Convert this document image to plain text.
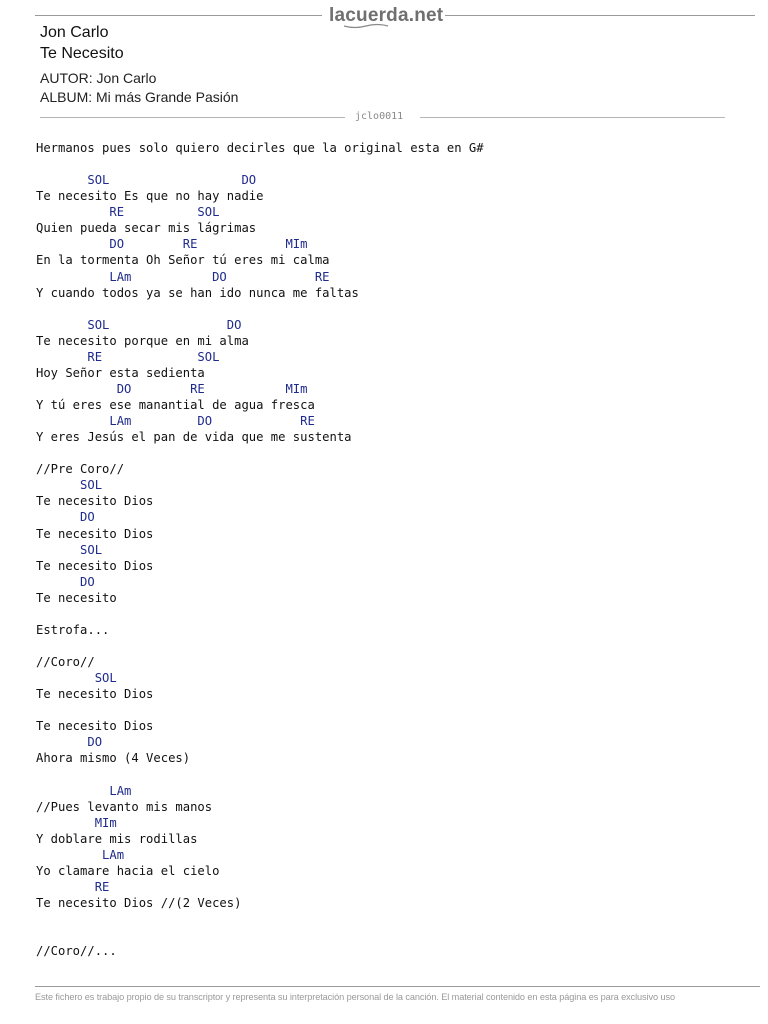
lacuerda.net
Jon Carlo
Te Necesito
AUTOR: Jon Carlo
ALBUM: Mi más Grande Pasión
jclo0011
Hermanos pues solo quiero decirles que la original esta en G#
SOL                  DO
Te necesito Es que no hay nadie
RE          SOL
Quien pueda secar mis lágrimas
DO        RE            MIm
En la tormenta Oh Señor tú eres mi calma
LAm           DO            RE
Y cuando todos ya se han ido nunca me faltas
SOL                DO
Te necesito porque en mi alma
RE             SOL
Hoy Señor esta sedienta
DO        RE           MIm
Y tú eres ese manantial de agua fresca
LAm         DO            RE
Y eres Jesús el pan de vida que me sustenta
//Pre Coro//
SOL
Te necesito Dios
DO
Te necesito Dios
SOL
Te necesito Dios
DO
Te necesito
Estrofa...
//Coro//
SOL
Te necesito Dios
Te necesito Dios
DO
Ahora mismo (4 Veces)
LAm
//Pues levanto mis manos
MIm
Y doblare mis rodillas
LAm
Yo clamare hacia el cielo
RE
Te necesito Dios //(2 Veces)
//Coro//...
Este fichero es trabajo propio de su transcriptor y representa su interpretación personal de la canción. El material contenido en esta página es para exclusivo uso
